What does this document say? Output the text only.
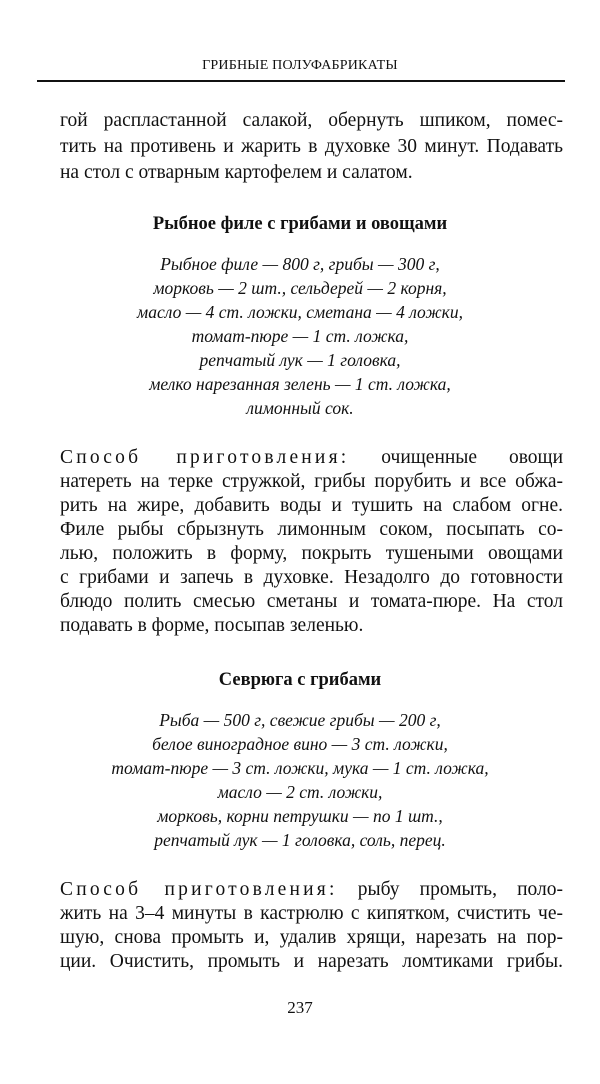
ГРИБНЫЕ ПОЛУФАБРИКАТЫ
гой распластанной салакой, обернуть шпиком, помес-
тить на противень и жарить в духовке 30 минут. Подавать
на стол с отварным картофелем и салатом.
Рыбное филе с грибами и овощами
Рыбное филе — 800 г, грибы — 300 г,
морковь — 2 шт., сельдерей — 2 корня,
масло — 4 ст. ложки, сметана — 4 ложки,
томат-пюре — 1 ст. ложка,
репчатый лук — 1 головка,
мелко нарезанная зелень — 1 ст. ложка,
лимонный сок.
Способ приготовления: очищенные овощи
натереть на терке стружкой, грибы порубить и все обжа-
рить на жире, добавить воды и тушить на слабом огне.
Филе рыбы сбрызнуть лимонным соком, посыпать со-
лью, положить в форму, покрыть тушеными овощами
с грибами и запечь в духовке. Незадолго до готовности
блюдо полить смесью сметаны и томата-пюре. На стол
подавать в форме, посыпав зеленью.
Севрюга с грибами
Рыба — 500 г, свежие грибы — 200 г,
белое виноградное вино — 3 ст. ложки,
томат-пюре — 3 ст. ложки, мука — 1 ст. ложка,
масло — 2 ст. ложки,
морковь, корни петрушки — по 1 шт.,
репчатый лук — 1 головка, соль, перец.
Способ приготовления: рыбу промыть, поло-
жить на 3–4 минуты в кастрюлю с кипятком, счистить че-
шую, снова промыть и, удалив хрящи, нарезать на пор-
ции. Очистить, промыть и нарезать ломтиками грибы.
237
